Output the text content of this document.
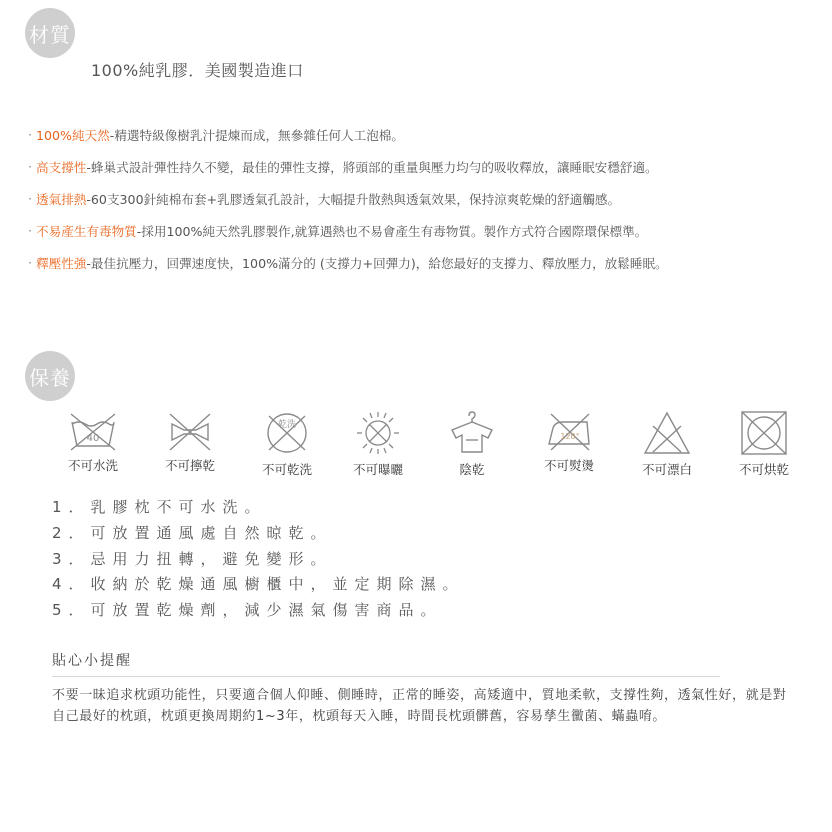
材質
100%純乳膠．美國製造進口
· 100%純天然 -精選特級像樹乳汁提煉而成，無參雜任何人工泡棉。
· 高支撐性 -蜂巢式設計彈性持久不變，最佳的彈性支撐，將頭部的重量與壓力均勻的吸收釋放，讓睡眠安穩舒適。
· 透氣排熱 -60支300針純棉布套+乳膠透氣孔設計，大幅提升散熱與透氣效果，保持涼爽乾燥的舒適觸感。
· 不易產生有毒物質 -採用100%純天然乳膠製作,就算遇熱也不易會產生有毒物質。製作方式符合國際環保標準。
· 釋壓性強 -最佳抗壓力，回彈速度快，100%滿分的 (支撐力+回彈力)，給您最好的支撐力、釋放壓力，放鬆睡眠。
保養
40
不可水洗	不可擰乾
乾洗
不可乾洗	不可曝曬	陰乾
120°
不可熨燙	不可漂白	不可烘乾
1．乳膠枕不可水洗。
2．可放置通風處自然晾乾。
3．忌用力扭轉，避免變形。
4．收納於乾燥通風櫥櫃中，並定期除濕。
5．可放置乾燥劑，減少濕氣傷害商品。
貼心小提醒
不要一昧追求枕頭功能性，只要適合個人仰睡、側睡時，正常的睡姿，高矮適中，質地柔軟，支撐性夠，透氣性好，就是對自己最好的枕頭，枕頭更換周期約1~3年，枕頭每天入睡，時間長枕頭髒舊，容易孳生黴菌、蟎蟲唷。
